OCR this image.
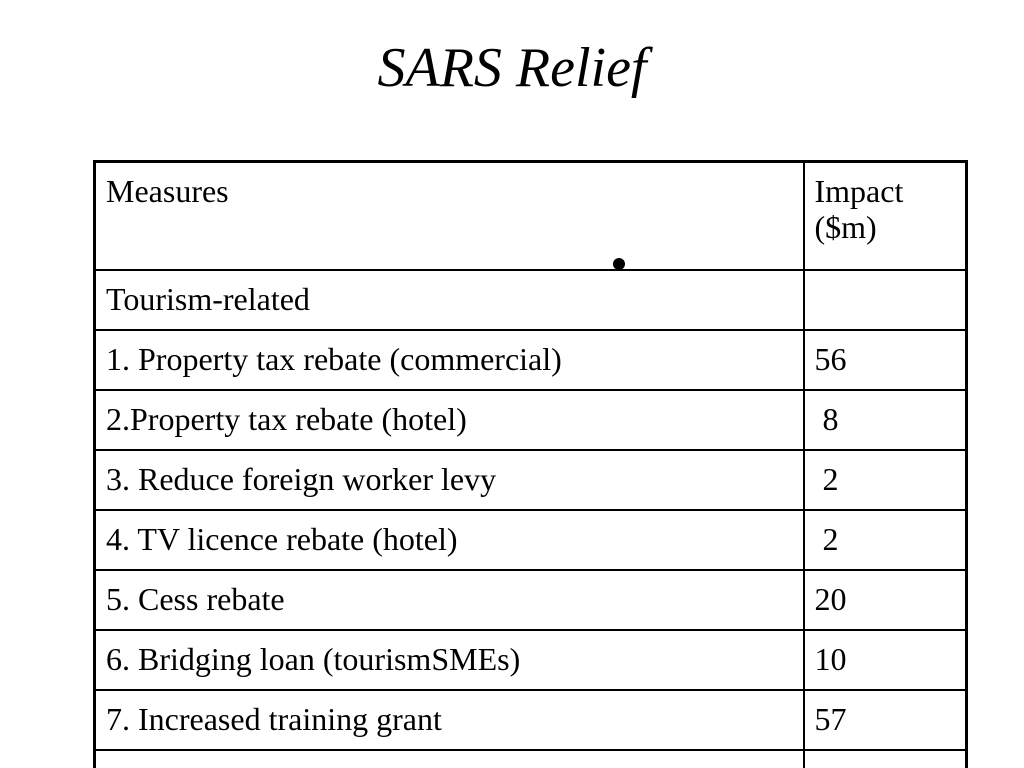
SARS Relief
Measures	Impact
($m)
Tourism-related	
1. Property tax rebate (commercial)	56
2.Property tax rebate (hotel)	8
3. Reduce foreign worker levy	2
4. TV licence rebate (hotel)	2
5. Cess rebate	20
6. Bridging loan (tourismSMEs)	10
7. Increased training grant	57
